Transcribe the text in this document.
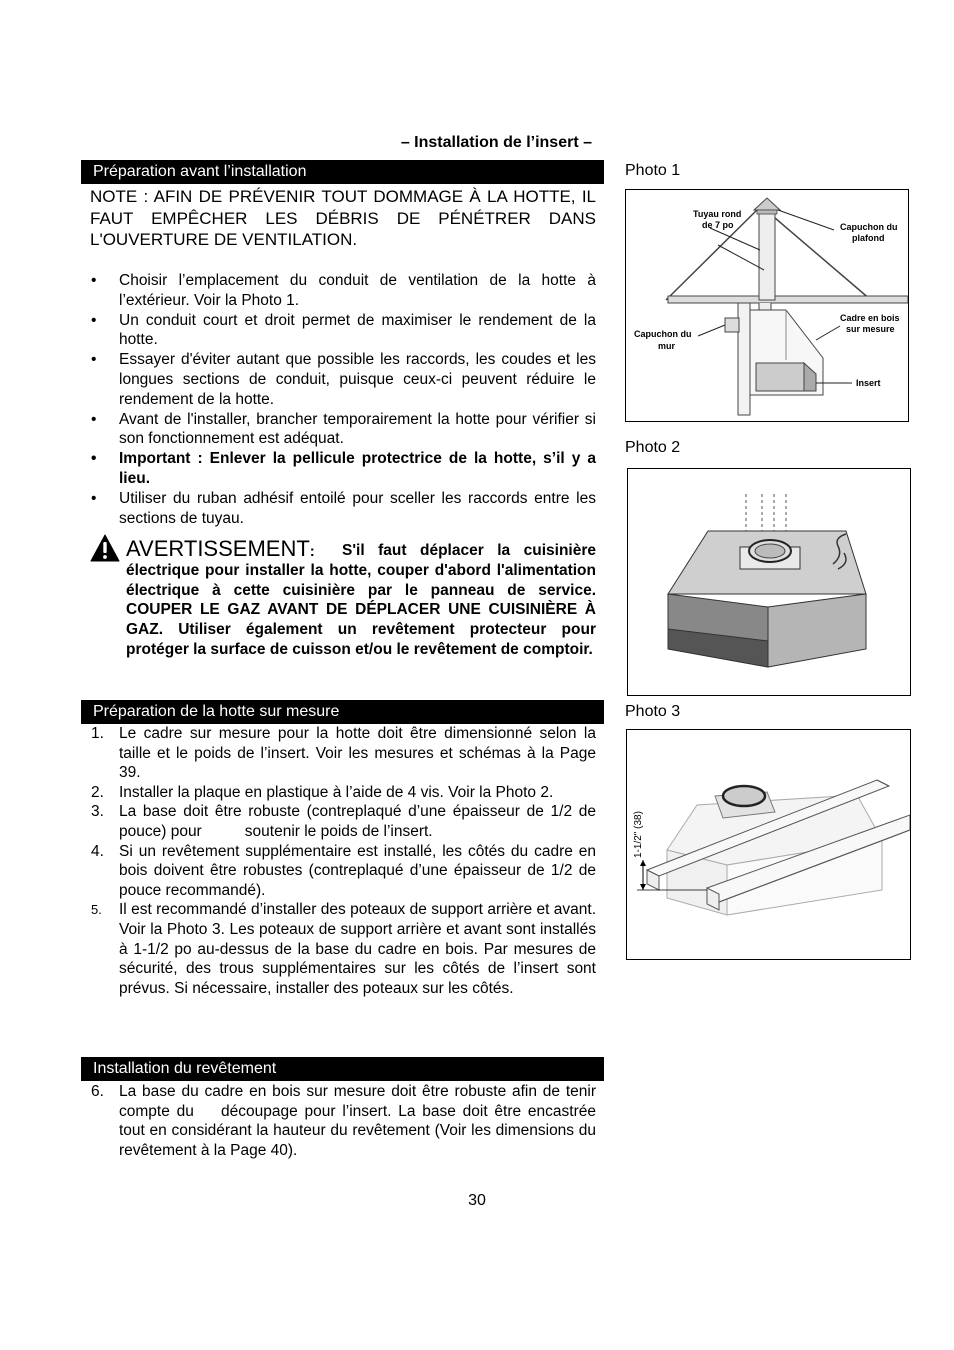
– Installation de l’insert –
Préparation avant l’installation
NOTE : AFIN DE PRÉVENIR TOUT DOMMAGE À LA HOTTE, IL FAUT EMPÊCHER LES DÉBRIS DE PÉNÉTRER DANS L'OUVERTURE DE VENTILATION.
• Choisir l’emplacement du conduit de ventilation de la hotte à l’extérieur. Voir la Photo 1.
• Un conduit court et droit permet de maximiser le rendement de la hotte.
• Essayer d'éviter autant que possible les raccords, les coudes et les longues sections de conduit, puisque ceux-ci peuvent réduire le rendement de la hotte.
• Avant de l'installer, brancher temporairement la hotte pour vérifier si son fonctionnement est adéquat.
• Important : Enlever la pellicule protectrice de la hotte, s’il y a lieu.
• Utiliser du ruban adhésif entoilé pour sceller les raccords entre les sections de tuyau.
AVERTISSEMENT:	S'il faut déplacer la cuisinière électrique pour installer la hotte, couper d'abord l'alimentation électrique à cette cuisinière par le panneau de service. COUPER LE GAZ AVANT DE DÉPLACER UNE CUISINIÈRE À GAZ. Utiliser également un revêtement protecteur pour protéger la surface de cuisson et/ou le revêtement de comptoir.
Préparation de la hotte sur mesure
1. Le cadre sur mesure pour la hotte doit être dimensionné selon la taille et le poids de l’insert. Voir les mesures et schémas à la Page 39.
2. Installer la plaque en plastique à l’aide de 4 vis. Voir la Photo 2.
3. La base doit être robuste (contreplaqué d’une épaisseur de 1/2 de pouce) pour          soutenir le poids de l’insert.
4. Si un revêtement supplémentaire est installé, les côtés du cadre en bois doivent être robustes (contreplaqué d’une épaisseur de 1/2 de pouce recommandé).
5. Il est recommandé d’installer des poteaux de support arrière et avant. Voir la Photo 3. Les poteaux de support arrière et avant sont installés à 1-1/2 po au-dessus de la base du cadre en bois. Par mesures de sécurité, des trous supplémentaires sur les côtés de l’insert sont prévus. Si nécessaire, installer des poteaux sur les côtés.
Installation du revêtement
6. La base du cadre en bois sur mesure doit être robuste afin de tenir compte du    découpage pour l’insert. La base doit être encastrée tout en considérant la hauteur du revêtement (Voir les dimensions du revêtement à la Page 40).
Photo 1
Tuyau rond
de 7 po	Capuchon du
plafond
Cadre en bois
sur mesure
Capuchon du
mur
Insert
Photo 2
Photo 3
1-1/2" (38)
30
